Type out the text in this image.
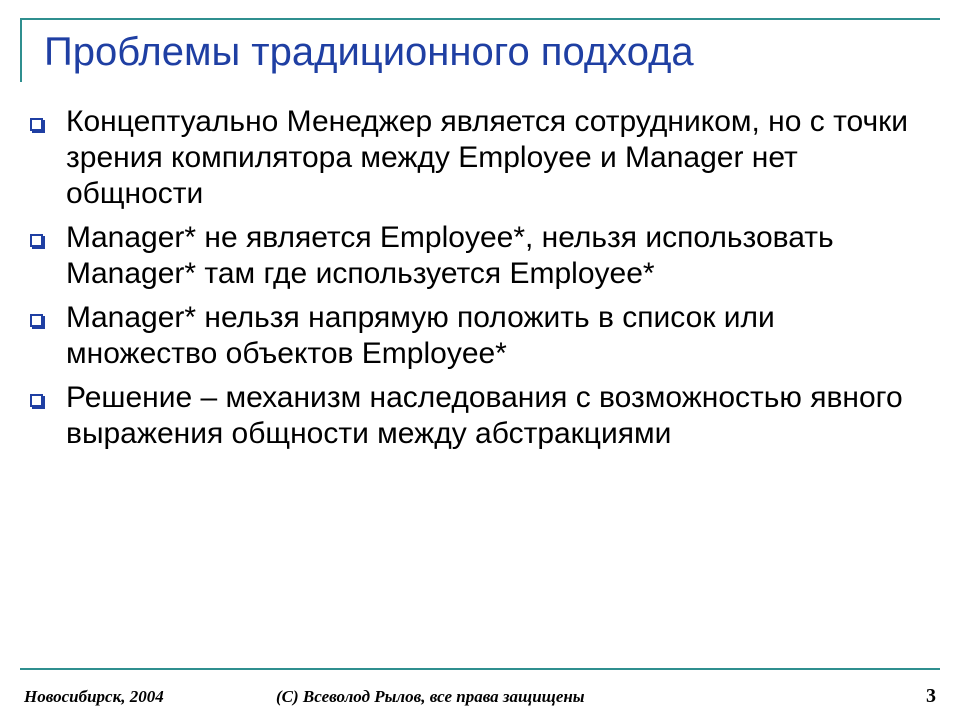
Проблемы традиционного подхода
Концептуально Менеджер является сотрудником, но с точки зрения компилятора между Employee и Manager нет общности
Manager* не является Employee*, нельзя использовать Manager* там где используется Employee*
Manager* нельзя напрямую положить в список или множество объектов Employee*
Решение – механизм наследования с возможностью явного выражения общности между абстракциями
Новосибирск, 2004	(С) Всеволод Рылов, все права защищены	3
